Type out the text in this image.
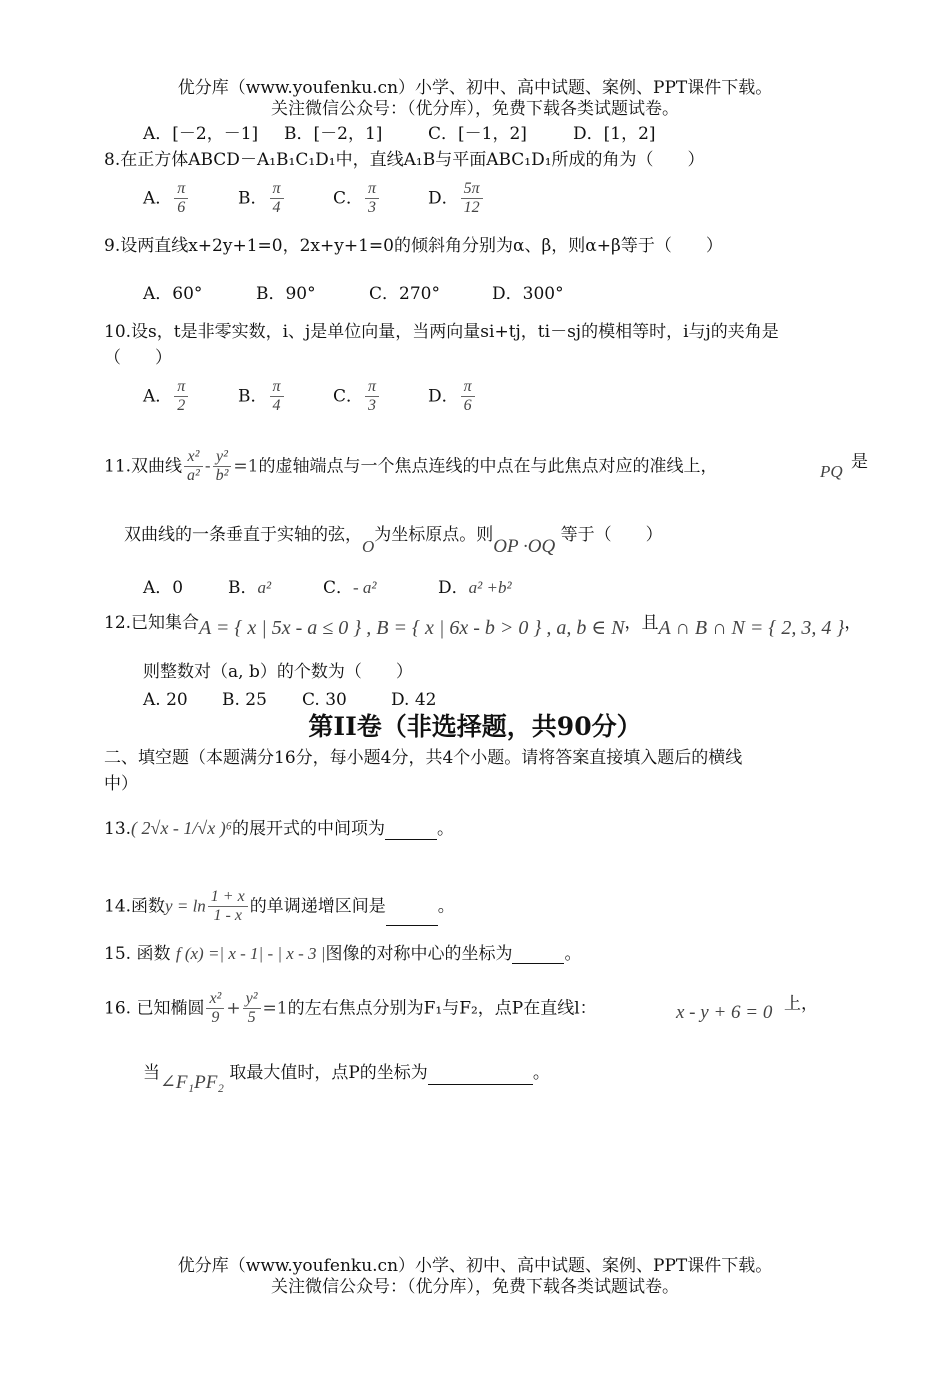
优分库（www.youfenku.cn）小学、初中、高中试题、案例、PPT课件下载。
关注微信公众号：（优分库），免费下载各类试题试卷。
A．[－2，－1] B．[－2，1]	C．[－1，2]	D．[1，2]
8.在正方体ABCD－A₁B₁C₁D₁中，直线A₁B与平面ABC₁D₁所成的角为（　　）
A． $\frac{\pi}{6}$	B． $\frac{\pi}{4}$	C． $\frac{\pi}{3}$	D． $\frac{5\pi}{12}$
9.设两直线x+2y+1=0，2x+y+1=0的倾斜角分别为α、β，则α+β等于（　　）
A．60°	B．90°	C．270°	D．300°
10.设s，t是非零实数，i、j是单位向量，当两向量si+tj，ti－sj的模相等时，i与j的夹角是
（　　）
A． $\frac{\pi}{2}$	B． $\frac{\pi}{4}$	C． $\frac{\pi}{3}$	D． $\frac{\pi}{6}$
11.双曲线 $\frac{\text{x²}}{\text{a²}} - \frac{\text{y²}}{\text{b²}} =1$的虚轴端点与一个焦点连线的中点在与此焦点对应的准线上，	PQ 是
双曲线的一条垂直于实轴的弦，O为坐标原点。则OP ·OQ 等于（　　）
A．0	B．a²	C．- a²	D．a² +b²
12.已知集合A = { x | 5x - a ≤ 0 } , B = { x | 6x - b > 0 } , a, b ∈ N，且A ∩ B ∩ N = { 2, 3, 4 }，
则整数对（a, b）的个数为（　　）
A. 20 B. 25 C. 30	D. 42
第II卷（非选择题，共90分）
二、填空题（本题满分16分，每小题4分，共4个小题。请将答案直接填入题后的横线
中）
13.( 2√x - 1/√x )⁶的展开式的中间项为	。
14.函数$y = \ln \frac{1 + x}{1 - x}$ 的单调递增区间是	。
15. 函数 f (x) =| x - 1| - | x - 3 |图像的对称中心的坐标为	。
16. 已知椭圆 $\frac{\text{x²}}{9} + \frac{\text{y²}}{5} =1$的左右焦点分别为F₁与F₂，点P在直线l：	x - y + 6 = 0 上，
当∠F₁PF₂ 取最大值时，点P的坐标为	。
优分库（www.youfenku.cn）小学、初中、高中试题、案例、PPT课件下载。
关注微信公众号：（优分库），免费下载各类试题试卷。
